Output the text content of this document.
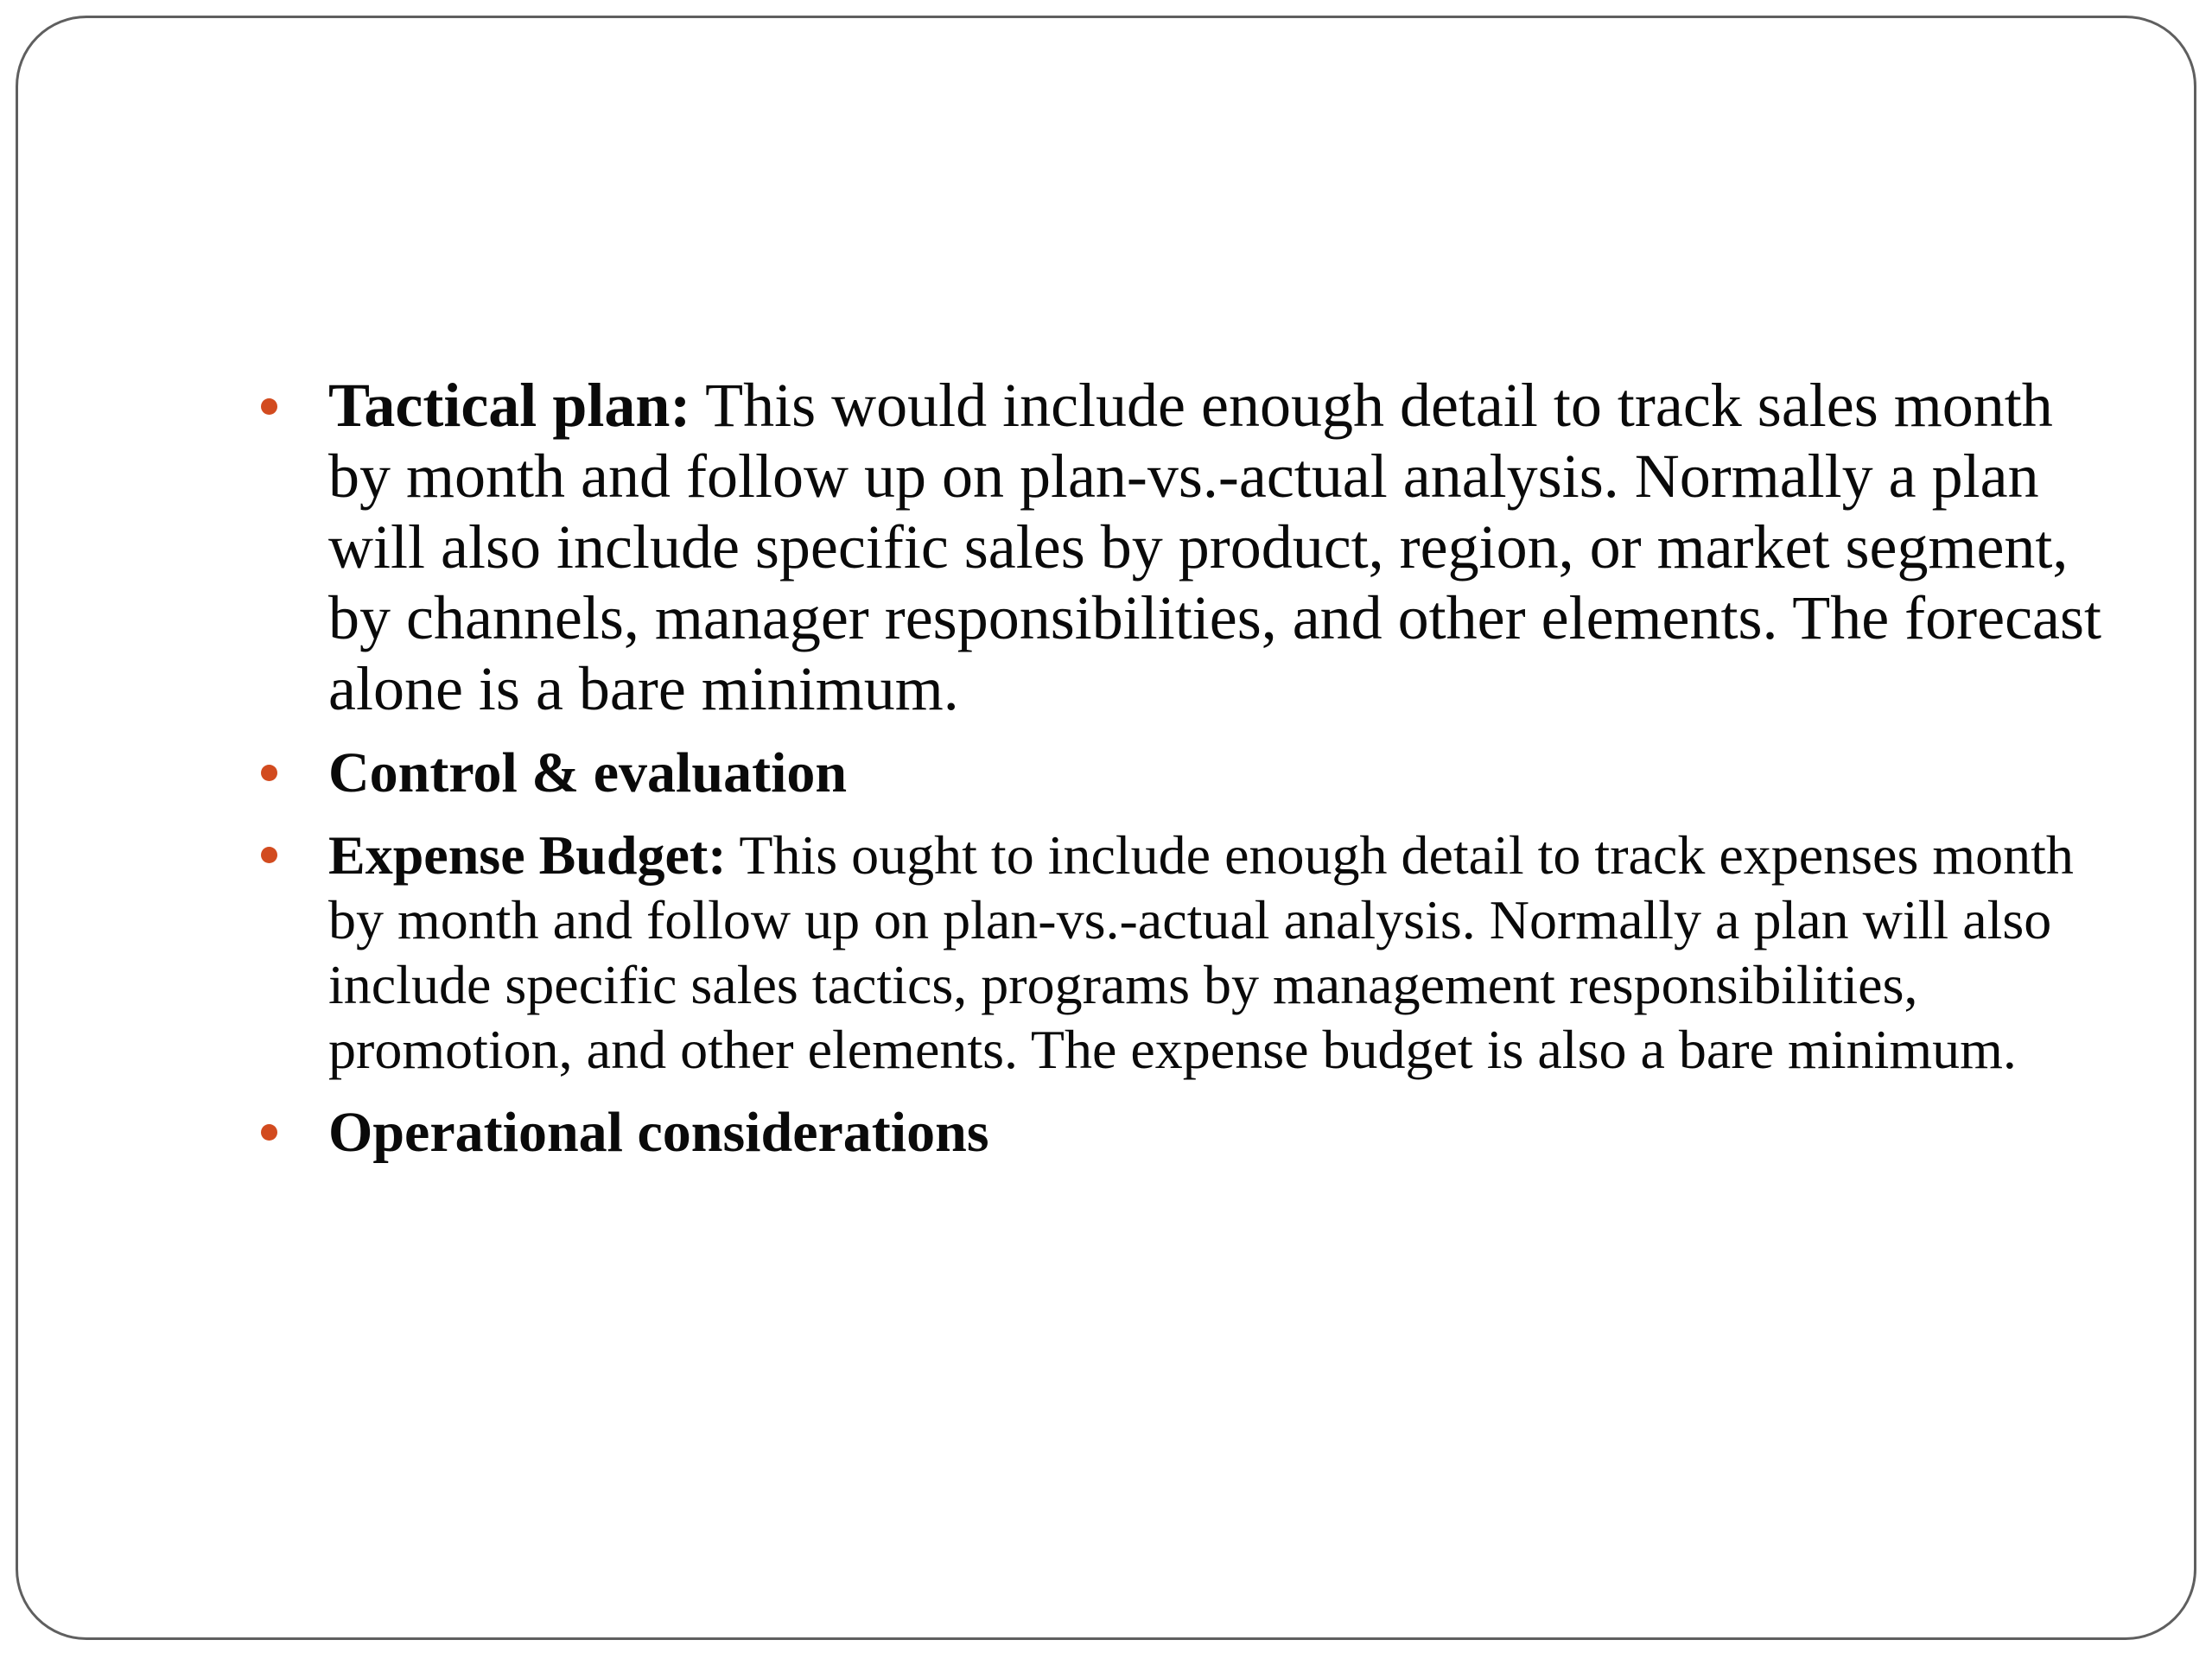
Tactical plan: This would include enough detail to track sales month by month and follow up on plan-vs.-actual analysis. Normally a plan will also include specific sales by product, region, or market segment, by channels, manager responsibilities, and other elements. The forecast alone is a bare minimum.
Control & evaluation
Expense Budget: This ought to include enough detail to track expenses month by month and follow up on plan-vs.-actual analysis. Normally a plan will also include specific sales tactics, programs by management responsibilities, promotion, and other elements. The expense budget is also a bare minimum.
Operational considerations
